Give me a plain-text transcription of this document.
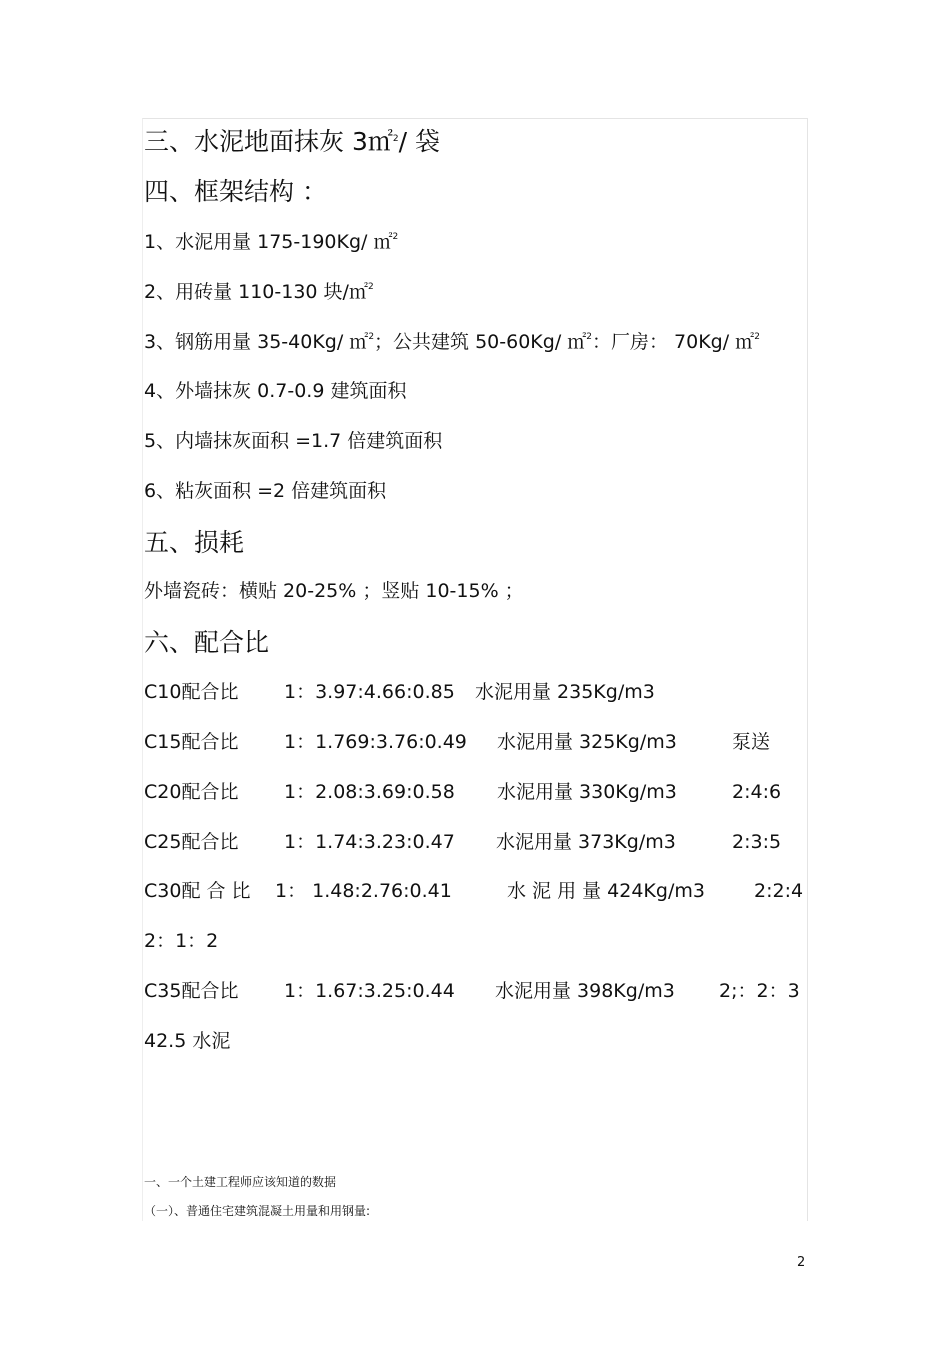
三、水泥地面抹灰 3㎡$^2$/ 袋
四、框架结构 ：
1、水泥用量 175-190Kg/ ㎡$^2$
2、用砖量 110-130 块/㎡$^2$
3、钢筋用量 35-40Kg/ ㎡$^2$；公共建筑 50-60Kg/ ㎡$^2$：厂房： 70Kg/ ㎡$^2$
4、外墙抹灰 0.7-0.9 建筑面积
5、内墙抹灰面积 =1.7 倍建筑面积
6、粘灰面积 =2 倍建筑面积
五、损耗
外墙瓷砖：横贴 20-25% ；竖贴 10-15% ；
六、配合比
C10配合比 1：3.97:4.66:0.85 水泥用量 235Kg/m3
C15配合比 1：1.769:3.76:0.49 水泥用量 325Kg/m3	泵送
C20配合比 1：2.08:3.69:0.58 水泥用量 330Kg/m3	2:4:6
C25配合比 1：1.74:3.23:0.47 水泥用量 373Kg/m3	2:3:5
C30配 合 比 1： 1.48:2.76:0.41	水 泥 用 量 424Kg/m3	2:2:4
2：1：2
C35配合比 1：1.67:3.25:0.44 水泥用量 398Kg/m3 2;：2：3
42.5 水泥
一、一个土建工程师应该知道的数据
（一）、普通住宅建筑混凝土用量和用钢量:
2
